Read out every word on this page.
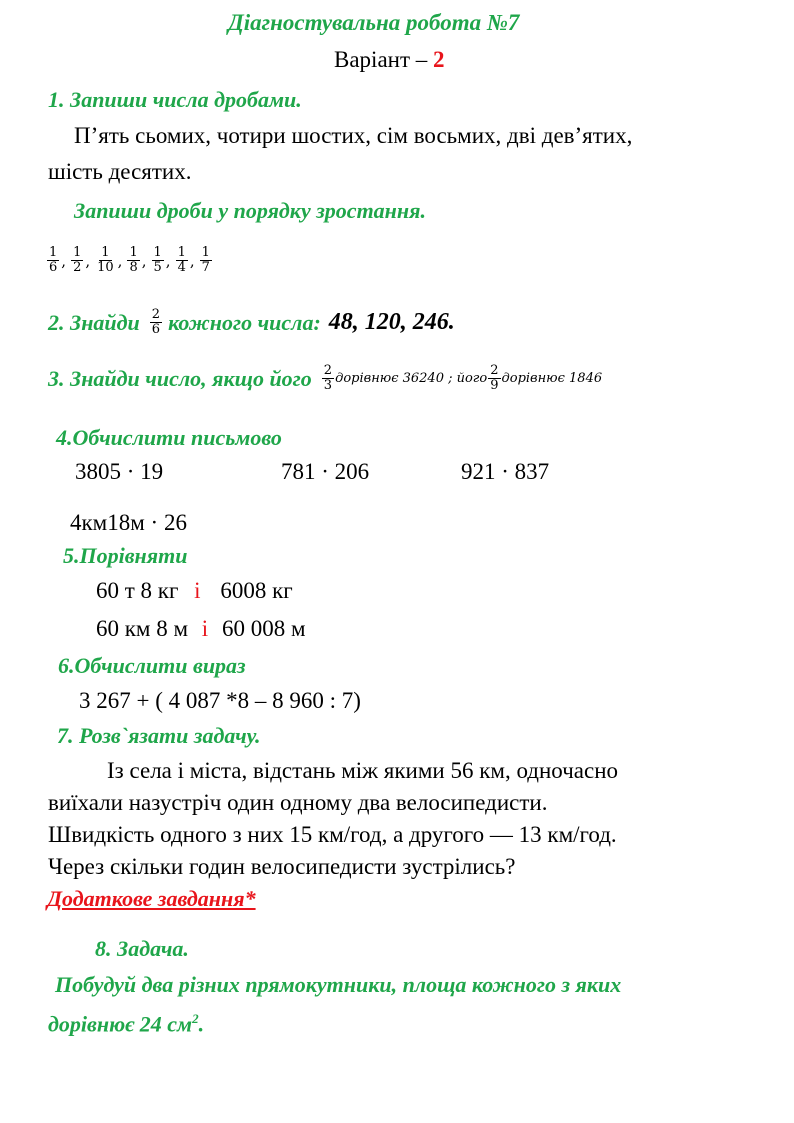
Діагностувальна робота №7
Варіант – 2
1. Запиши числа дробами.
П’ять сьомих, чотири шостих, сім восьмих, дві дев’ятих,
шість десятих.
Запиши дроби у порядку зростання.
$\frac{1}{6}$ , $\frac{1}{2}$ , $\frac{1}{10}$ , $\frac{1}{8}$ , $\frac{1}{5}$ , $\frac{1}{4}$ , $\frac{1}{7}$
2. Знайди $\frac{2}{6}$ кожного числа: 48, 120, 246.
3. Знайди число, якщо його $\frac{2}{3}$ дорівнює 36240 ; його $\frac{2}{9}$ дорівнює 1846
4.Обчислити письмово
3805 · 19	781 · 206	921 · 837
4км18м · 26
5.Порівняти
60 т 8 кг і 6008 кг
60 км 8 м і 60 008 м
6.Обчислити вираз
3 267 + ( 4 087 *8 – 8 960 : 7)
7. Розв`язати задачу.
Із села і міста, відстань між якими 56 км, одночасно
виїхали назустріч один одному два велосипедисти.
Швидкість одного з них 15 км/год, а другого — 13 км/год.
Через скільки годин велосипедисти зустрілись?
Додаткове завдання*
8. Задача.
Побудуй два різних прямокутники, площа кожного з яких
дорівнює 24 $см^2$.
